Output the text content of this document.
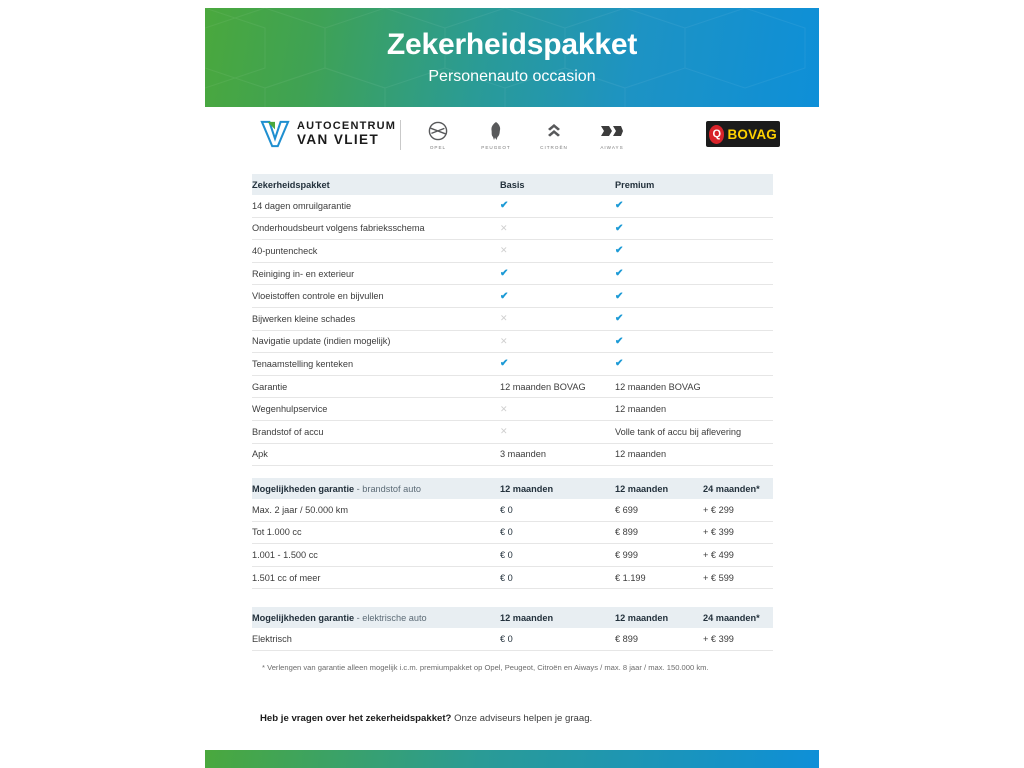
Zekerheidspakket
Personenauto occasion
AUTOCENTRUM
VAN VLIET
OPEL	PEUGEOT	CITROËN	AIWAYS
Q BOVAG
Zekerheidspakket	Basis	Premium
14 dagen omruilgarantie	✔	✔
Onderhoudsbeurt volgens fabrieksschema	✕	✔
40-puntencheck	✕	✔
Reiniging in- en exterieur	✔	✔
Vloeistoffen controle en bijvullen	✔	✔
Bijwerken kleine schades	✕	✔
Navigatie update (indien mogelijk)	✕	✔
Tenaamstelling kenteken	✔	✔
Garantie	12 maanden BOVAG	12 maanden BOVAG
Wegenhulpservice	✕	12 maanden
Brandstof of accu	✕	Volle tank of accu bij aflevering
Apk	3 maanden	12 maanden
Mogelijkheden garantie - brandstof auto	12 maanden	12 maanden	24 maanden*
Max. 2 jaar / 50.000 km	€ 0	€ 699	+ € 299
Tot 1.000 cc	€ 0	€ 899	+ € 399
1.001 - 1.500 cc	€ 0	€ 999	+ € 499
1.501 cc of meer	€ 0	€ 1.199	+ € 599
Mogelijkheden garantie - elektrische auto	12 maanden	12 maanden	24 maanden*
Elektrisch	€ 0	€ 899	+ € 399
* Verlengen van garantie alleen mogelijk i.c.m. premiumpakket op Opel, Peugeot, Citroën en Aiways / max. 8 jaar / max. 150.000 km.
Heb je vragen over het zekerheidspakket? Onze adviseurs helpen je graag.
